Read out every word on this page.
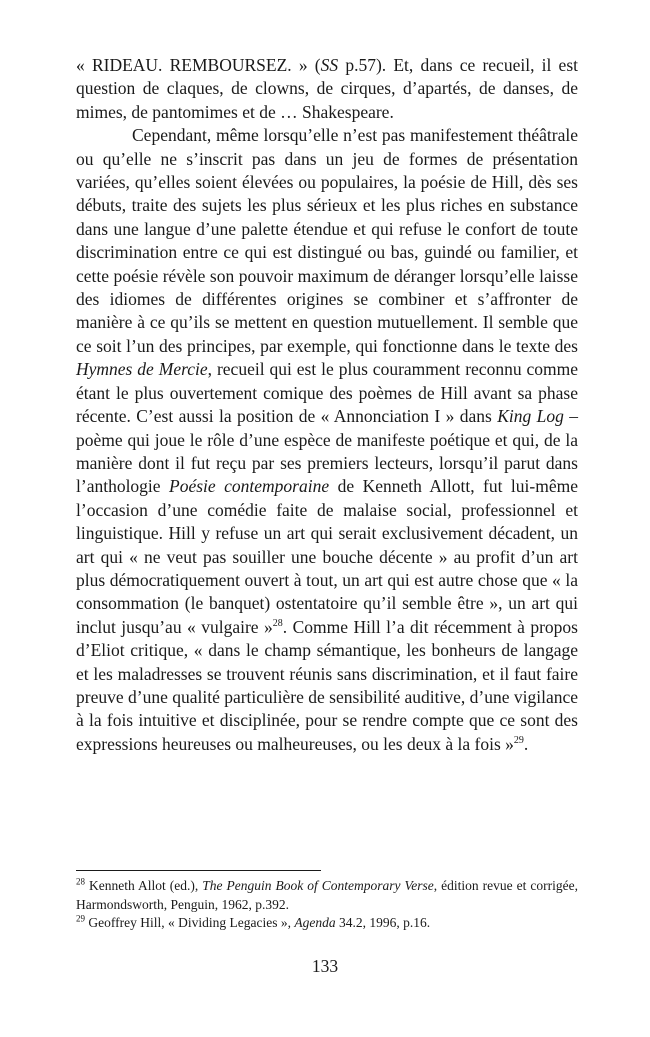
« RIDEAU. REMBOURSEZ. » (SS p.57). Et, dans ce recueil, il est question de claques, de clowns, de cirques, d’apartés, de danses, de mimes, de pantomimes et de … Shakespeare.

Cependant, même lorsqu’elle n’est pas manifestement théâtrale ou qu’elle ne s’inscrit pas dans un jeu de formes de présentation variées, qu’elles soient élevées ou populaires, la poésie de Hill, dès ses débuts, traite des sujets les plus sérieux et les plus riches en substance dans une langue d’une palette étendue et qui refuse le confort de toute discrimination entre ce qui est distingué ou bas, guindé ou familier, et cette poésie révèle son pouvoir maximum de déranger lorsqu’elle laisse des idiomes de différentes origines se combiner et s’affronter de manière à ce qu’ils se mettent en question mutuellement. Il semble que ce soit l’un des principes, par exemple, qui fonctionne dans le texte des Hymnes de Mercie, recueil qui est le plus couramment reconnu comme étant le plus ouvertement comique des poèmes de Hill avant sa phase récente. C’est aussi la position de « Annonciation I » dans King Log – poème qui joue le rôle d’une espèce de manifeste poétique et qui, de la manière dont il fut reçu par ses premiers lecteurs, lorsqu’il parut dans l’anthologie Poésie contemporaine de Kenneth Allott, fut lui-même l’occasion d’une comédie faite de malaise social, professionnel et linguistique. Hill y refuse un art qui serait exclusivement décadent, un art qui « ne veut pas souiller une bouche décente » au profit d’un art plus démocratiquement ouvert à tout, un art qui est autre chose que « la consommation (le banquet) ostentatoire qu’il semble être », un art qui inclut jusqu’au « vulgaire »$^{28}$. Comme Hill l’a dit récemment à propos d’Eliot critique, « dans le champ sémantique, les bonheurs de langage et les maladresses se trouvent réunis sans discrimination, et il faut faire preuve d’une qualité particulière de sensibilité auditive, d’une vigilance à la fois intuitive et disciplinée, pour se rendre compte que ce sont des expressions heureuses ou malheureuses, ou les deux à la fois »$^{29}$.

$^{28}$ Kenneth Allot (ed.), The Penguin Book of Contemporary Verse, édition revue et corrigée, Harmondsworth, Penguin, 1962, p.392.

$^{29}$ Geoffrey Hill, « Dividing Legacies », Agenda 34.2, 1996, p.16.

133
